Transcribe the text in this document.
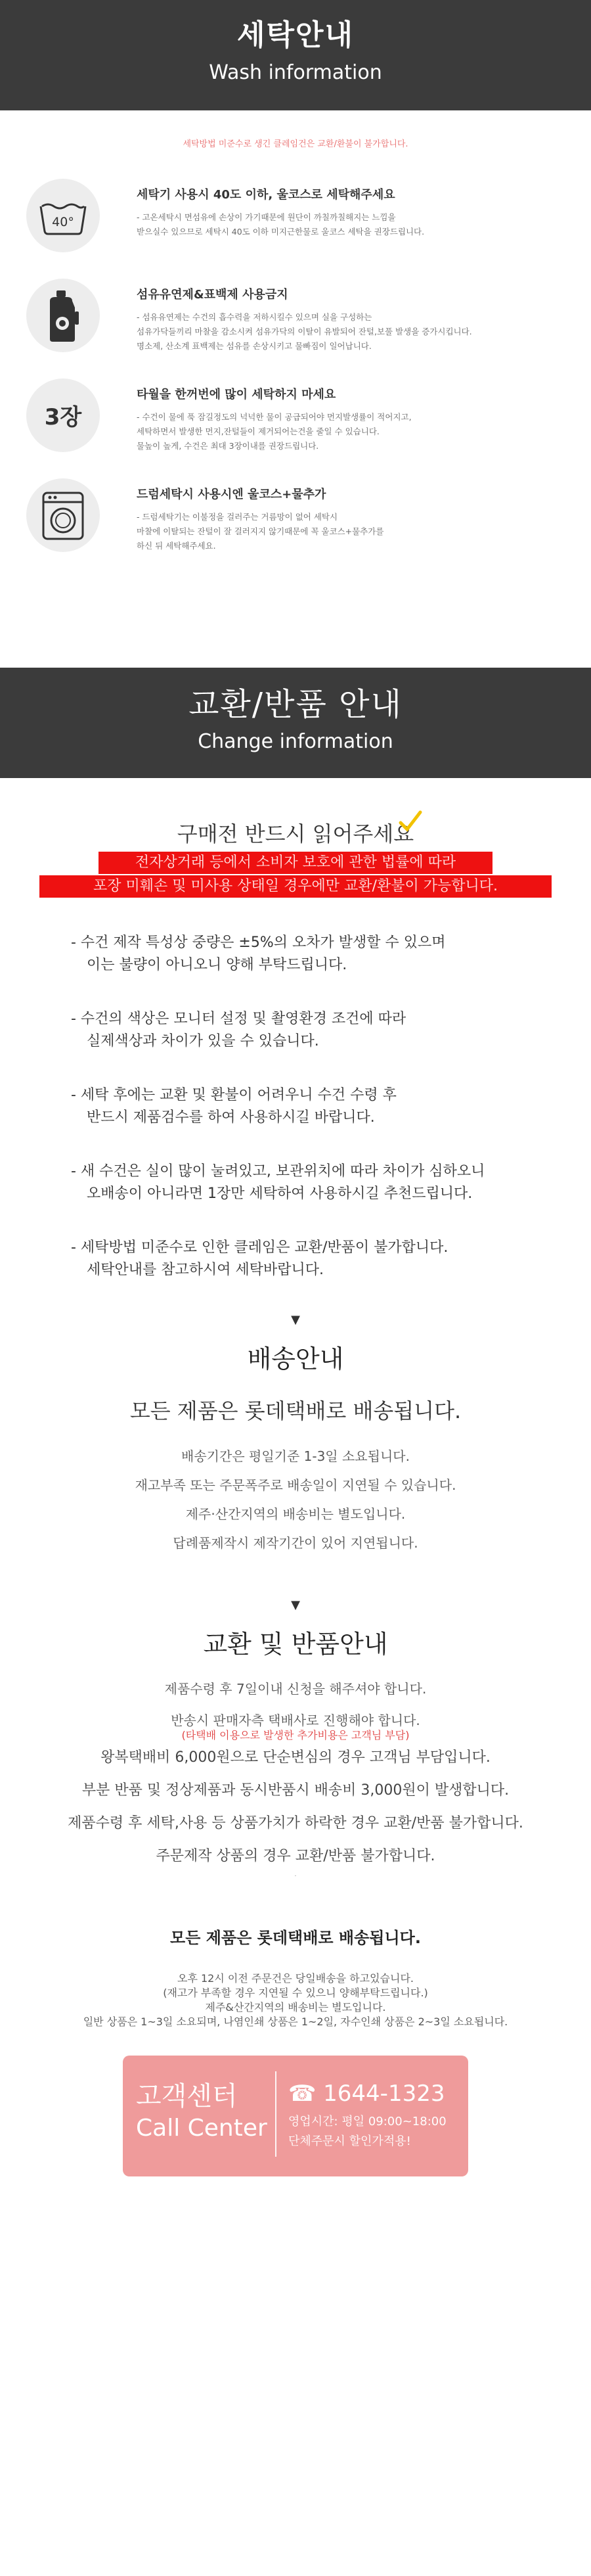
세탁안내
Wash information
세탁방법 미준수로 생긴 클레임건은 교환/환불이 불가합니다.
40°
세탁기 사용시 40도 이하, 울코스로 세탁해주세요
- 고온세탁시 면섬유에 손상이 가기때문에 원단이 까칠까칠해지는 느낌을
받으실수 있으므로 세탁시 40도 이하 미지근한물로 울코스 세탁을 권장드립니다.
섬유유연제&표백제 사용금지
- 섬유유연제는 수건의 흡수력을 저하시킬수 있으며 실을 구성하는
섬유가닥들끼리 마찰을 감소시켜 섬유가닥의 이탈이 유발되어 잔털,보풀 발생을 증가시킵니다.
명소제, 산소계 표백제는 섬유를 손상시키고 물빠짐이 일어납니다.
3장
타월을 한꺼번에 많이 세탁하지 마세요
- 수건이 물에 푹 잠길정도의 넉넉한 물이 공급되어야 먼지발생률이 적어지고,
세탁하면서 발생한 먼지,잔털들이 제거되어는건을 줄일 수 있습니다.
물높이 높게, 수건은 최대 3장이내를 권장드립니다.
드럼세탁시 사용시엔 울코스+물추가
- 드럼세탁기는 이불정을 걸러주는 거름망이 없어 세탁시
마찰에 이탈되는 잔털이 잘 걸러지지 않기때문에 꼭 울코스+물추가를
하신 뒤 세탁해주세요.
교환/반품 안내
Change information
구매전 반드시 읽어주세요
전자상거래 등에서 소비자 보호에 관한 법률에 따라
포장 미훼손 및 미사용 상태일 경우에만 교환/환불이 가능합니다.
- 수건 제작 특성상 중량은 ±5%의 오차가 발생할 수 있으며
이는 불량이 아니오니 양해 부탁드립니다.
- 수건의 색상은 모니터 설정 및 촬영환경 조건에 따라
실제색상과 차이가 있을 수 있습니다.
- 세탁 후에는 교환 및 환불이 어려우니 수건 수령 후
반드시 제품검수를 하여 사용하시길 바랍니다.
- 새 수건은 실이 많이 눌려있고, 보관위치에 따라 차이가 심하오니
오배송이 아니라면 1장만 세탁하여 사용하시길 추천드립니다.
- 세탁방법 미준수로 인한 클레임은 교환/반품이 불가합니다.
세탁안내를 참고하시여 세탁바랍니다.
▼
배송안내
모든 제품은 롯데택배로 배송됩니다.
배송기간은 평일기준 1-3일 소요됩니다.
재고부족 또는 주문폭주로 배송일이 지연될 수 있습니다.
제주·산간지역의 배송비는 별도입니다.
답례품제작시 제작기간이 있어 지연됩니다.
▼
교환 및 반품안내
제품수령 후 7일이내 신청을 해주셔야 합니다.
반송시 판매자측 택배사로 진행해야 합니다.
(타택배 이용으로 발생한 추가비용은 고객님 부담)
왕복택배비 6,000원으로 단순변심의 경우 고객님 부담입니다.
부분 반품 및 정상제품과 동시반품시 배송비 3,000원이 발생합니다.
제품수령 후 세탁,사용 등 상품가치가 하락한 경우 교환/반품 불가합니다.
주문제작 상품의 경우 교환/반품 불가합니다.
·
모든 제품은 롯데택배로 배송됩니다.
오후 12시 이전 주문건은 당일배송을 하고있습니다.
(재고가 부족할 경우 지연될 수 있으니 양해부탁드립니다.)
제주&산간지역의 배송비는 별도입니다.
일반 상품은 1~3일 소요되며, 나염인쇄 상품은 1~2일, 자수인쇄 상품은 2~3일 소요됩니다.
고객센터
Call Center
☎ 1644-1323
영업시간: 평일 09:00~18:00
단체주문시 할인가적용!
